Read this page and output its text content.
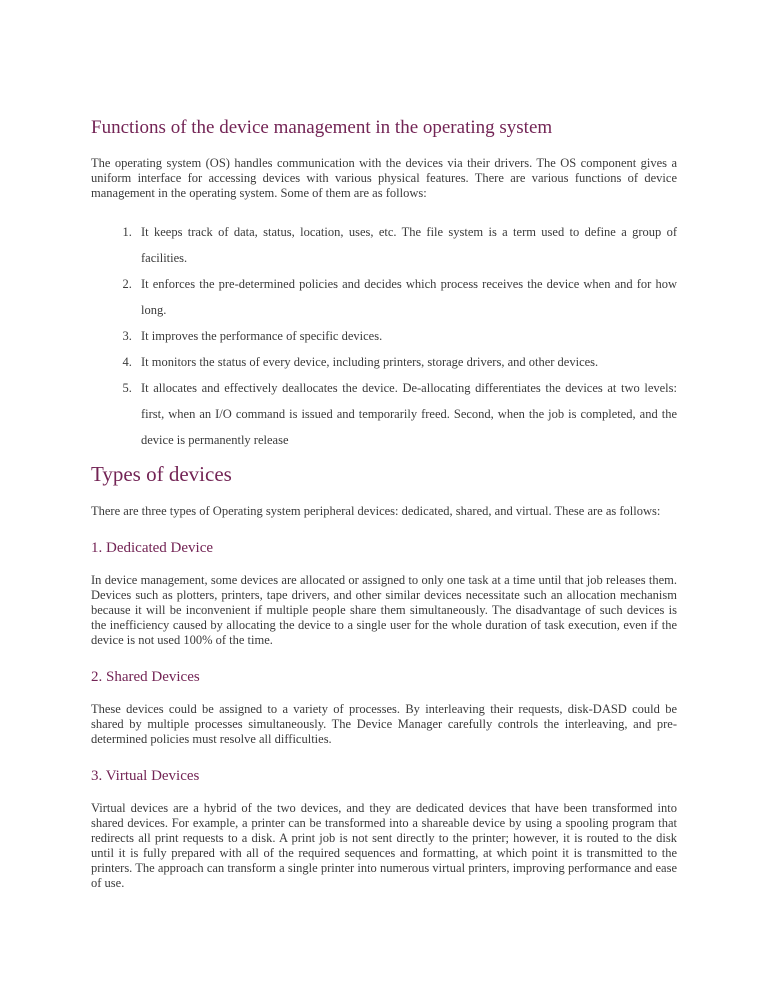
Functions of the device management in the operating system

The operating system (OS) handles communication with the devices via their drivers. The OS component gives a uniform interface for accessing devices with various physical features. There are various functions of device management in the operating system. Some of them are as follows:

1. It keeps track of data, status, location, uses, etc. The file system is a term used to define a group of facilities.
2. It enforces the pre-determined policies and decides which process receives the device when and for how long.
3. It improves the performance of specific devices.
4. It monitors the status of every device, including printers, storage drivers, and other devices.
5. It allocates and effectively deallocates the device. De-allocating differentiates the devices at two levels: first, when an I/O command is issued and temporarily freed. Second, when the job is completed, and the device is permanently release
Types of devices

There are three types of Operating system peripheral devices: dedicated, shared, and virtual. These are as follows:

1. Dedicated Device

In device management, some devices are allocated or assigned to only one task at a time until that job releases them. Devices such as plotters, printers, tape drivers, and other similar devices necessitate such an allocation mechanism because it will be inconvenient if multiple people share them simultaneously. The disadvantage of such devices is the inefficiency caused by allocating the device to a single user for the whole duration of task execution, even if the device is not used 100% of the time.

2. Shared Devices

These devices could be assigned to a variety of processes. By interleaving their requests, disk-DASD could be shared by multiple processes simultaneously. The Device Manager carefully controls the interleaving, and pre-determined policies must resolve all difficulties.

3. Virtual Devices

Virtual devices are a hybrid of the two devices, and they are dedicated devices that have been transformed into shared devices. For example, a printer can be transformed into a shareable device by using a spooling program that redirects all print requests to a disk. A print job is not sent directly to the printer; however, it is routed to the disk until it is fully prepared with all of the required sequences and formatting, at which point it is transmitted to the printers. The approach can transform a single printer into numerous virtual printers, improving performance and ease of use.
